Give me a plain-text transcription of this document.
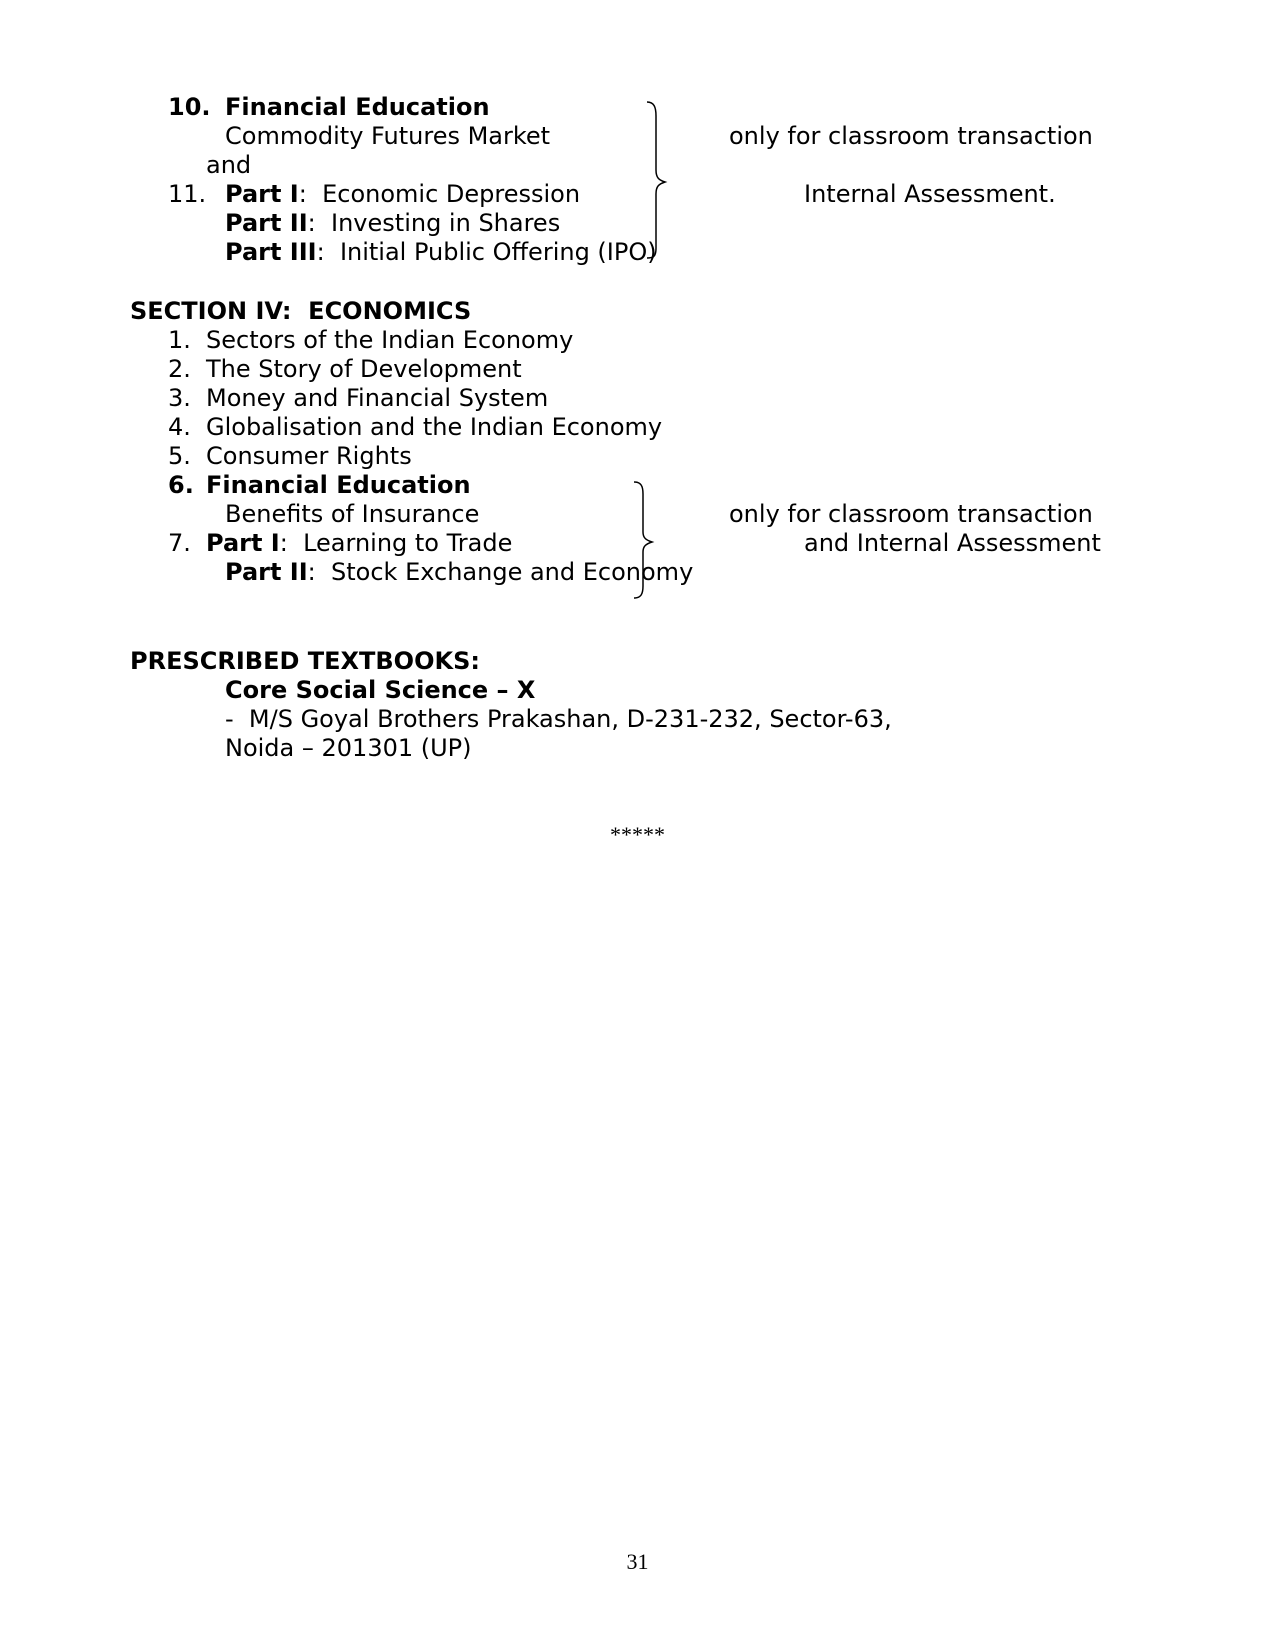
10. Financial Education
Commodity Futures Market
and
11. Part I:  Economic Depression
Part II:  Investing in Shares
Part III:  Initial Public Offering (IPO)
only for classroom transaction
Internal Assessment.
SECTION IV:  ECONOMICS
1. Sectors of the Indian Economy
2. The Story of Development
3. Money and Financial System
4. Globalisation and the Indian Economy
5. Consumer Rights
6. Financial Education
Benefits of Insurance
7. Part I:  Learning to Trade
Part II:  Stock Exchange and Economy
only for classroom transaction
and Internal Assessment
PRESCRIBED TEXTBOOKS:
Core Social Science – X
-  M/S Goyal Brothers Prakashan, D-231-232, Sector-63,
Noida – 201301 (UP)
*****
31
